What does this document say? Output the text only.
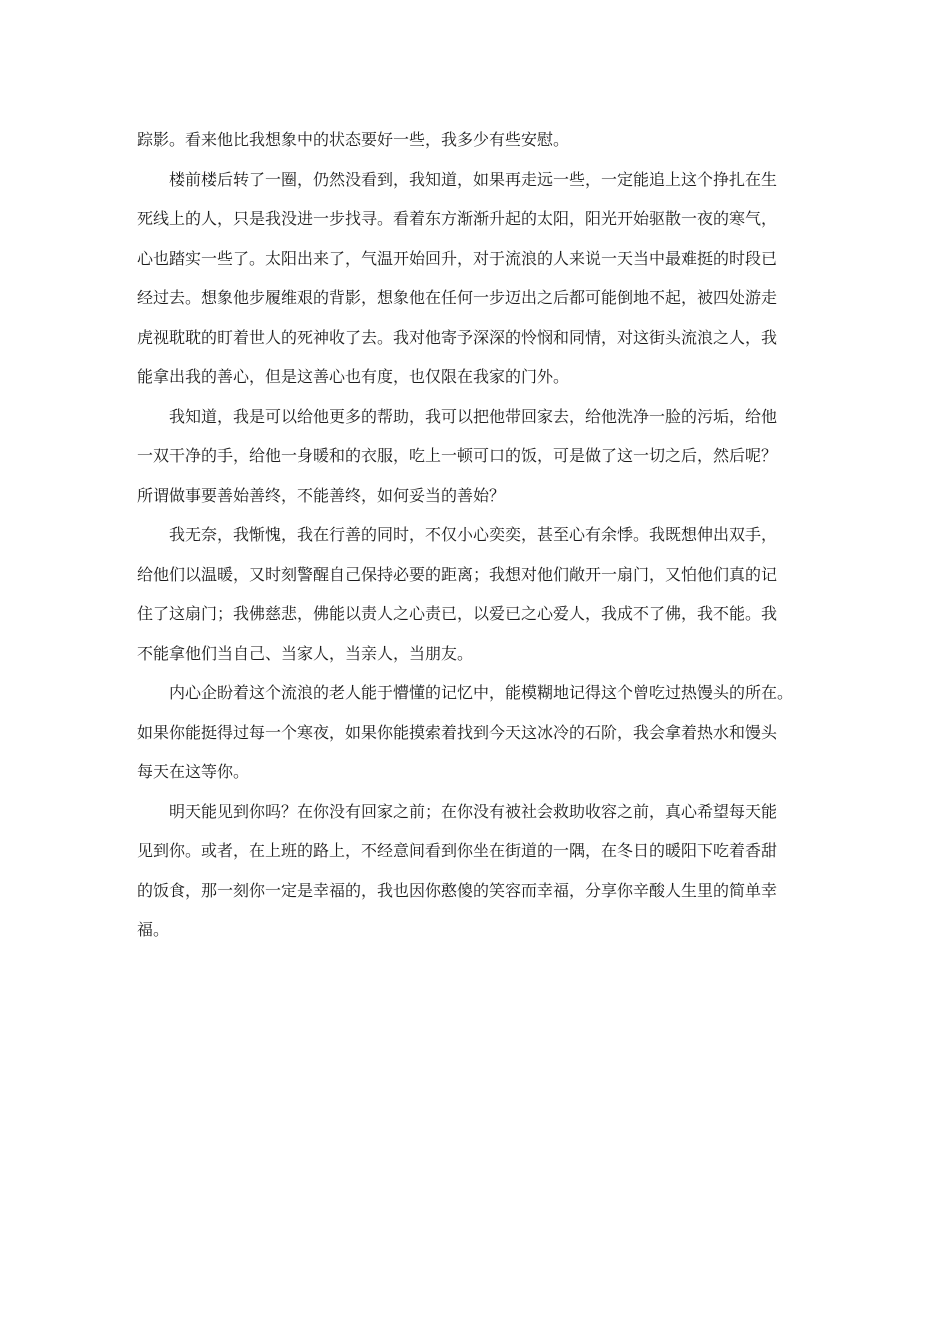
踪影。看来他比我想象中的状态要好一些，我多少有些安慰。
楼前楼后转了一圈，仍然没看到，我知道，如果再走远一些，一定能追上这个挣扎在生
死线上的人，只是我没进一步找寻。看着东方渐渐升起的太阳，阳光开始驱散一夜的寒气，
心也踏实一些了。太阳出来了，气温开始回升，对于流浪的人来说一天当中最难挺的时段已
经过去。想象他步履维艰的背影，想象他在任何一步迈出之后都可能倒地不起，被四处游走
虎视耽耽的盯着世人的死神收了去。我对他寄予深深的怜悯和同情，对这街头流浪之人，我
能拿出我的善心，但是这善心也有度，也仅限在我家的门外。
我知道，我是可以给他更多的帮助，我可以把他带回家去，给他洗净一脸的污垢，给他
一双干净的手，给他一身暖和的衣服，吃上一顿可口的饭，可是做了这一切之后，然后呢？
所谓做事要善始善终，不能善终，如何妥当的善始？
我无奈，我惭愧，我在行善的同时，不仅小心奕奕，甚至心有余悸。我既想伸出双手，
给他们以温暖，又时刻警醒自己保持必要的距离；我想对他们敞开一扇门，又怕他们真的记
住了这扇门；我佛慈悲，佛能以责人之心责已，以爱已之心爱人，我成不了佛，我不能。我
不能拿他们当自己、当家人，当亲人，当朋友。
内心企盼着这个流浪的老人能于懵懂的记忆中，能模糊地记得这个曾吃过热馒头的所在。
如果你能挺得过每一个寒夜，如果你能摸索着找到今天这冰冷的石阶，我会拿着热水和馒头
每天在这等你。
明天能见到你吗？在你没有回家之前；在你没有被社会救助收容之前，真心希望每天能
见到你。或者，在上班的路上，不经意间看到你坐在街道的一隅，在冬日的暖阳下吃着香甜
的饭食，那一刻你一定是幸福的，我也因你憨傻的笑容而幸福，分享你辛酸人生里的简单幸
福。
